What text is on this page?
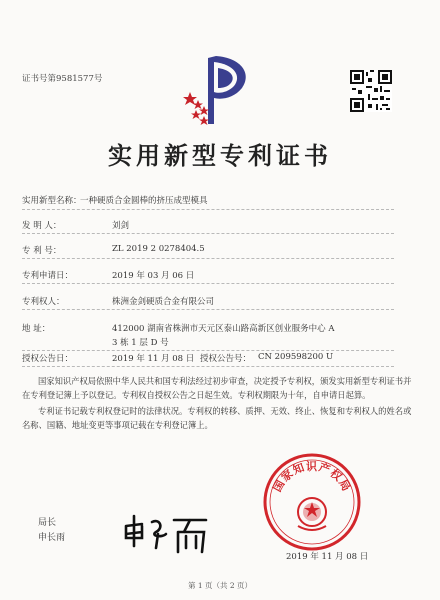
证书号第9581577号
实用新型专利证书
实用新型名称：
一种硬质合金圆棒的挤压成型模具
发 明 人：	刘剑
专 利 号：	ZL 2019 2 0278404.5
专利申请日：	2019 年 03 月 06 日
专利权人：	株洲金剑硬质合金有限公司
地 址：	412000 湖南省株洲市天元区泰山路高新区创业服务中心 A
3 栋 1 层 D 号
授权公告日：	2019 年 11 月 08 日 授权公告号： CN 209598200 U

国家知识产权局依照中华人民共和国专利法经过初步审查，决定授予专利权，颁发实用新型专利证书并在专利登记簿上予以登记。专利权自授权公告之日起生效。专利权期限为十年，自申请日起算。

专利证书记载专利权登记时的法律状况。专利权的转移、质押、无效、终止、恢复和专利权人的姓名或名称、国籍、地址变更等事项记载在专利登记簿上。

局长
申长雨
国家知识产权局
2019 年 11 月 08 日
第 1 页（共 2 页）
